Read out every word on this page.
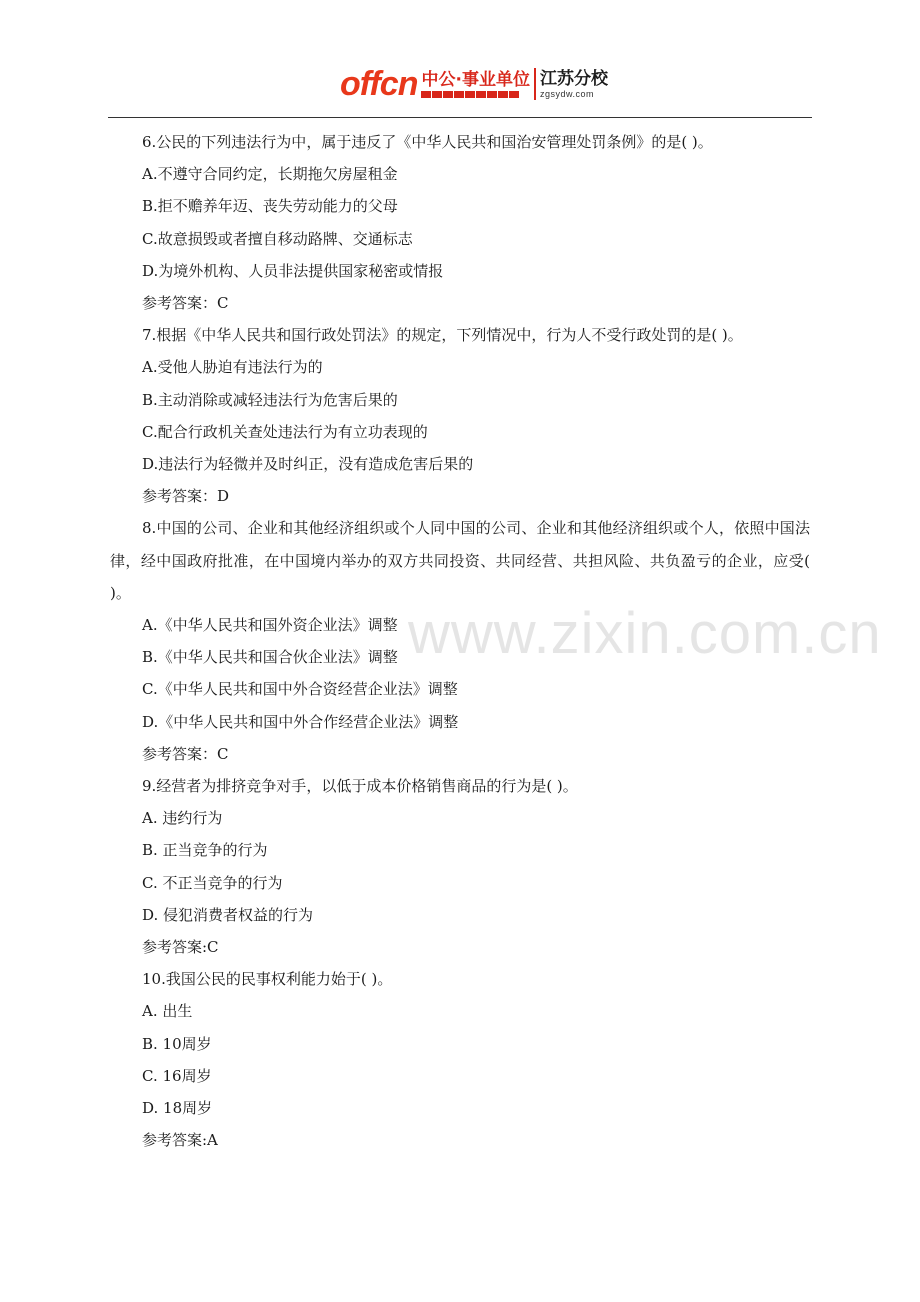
offcn 中公·事业单位 江苏分校
zgsydw.com
www.zixin.com.cn
6.公民的下列违法行为中，属于违反了《中华人民共和国治安管理处罚条例》的是( )。
A.不遵守合同约定，长期拖欠房屋租金
B.拒不赡养年迈、丧失劳动能力的父母
C.故意损毁或者擅自移动路牌、交通标志
D.为境外机构、人员非法提供国家秘密或情报
参考答案：C
7.根据《中华人民共和国行政处罚法》的规定，下列情况中，行为人不受行政处罚的是( )。
A.受他人胁迫有违法行为的
B.主动消除或减轻违法行为危害后果的
C.配合行政机关查处违法行为有立功表现的
D.违法行为轻微并及时纠正，没有造成危害后果的
参考答案：D
8.中国的公司、企业和其他经济组织或个人同中国的公司、企业和其他经济组织或个人，依照中国法律，经中国政府批准，在中国境内举办的双方共同投资、共同经营、共担风险、共负盈亏的企业，应受( )。
A.《中华人民共和国外资企业法》调整
B.《中华人民共和国合伙企业法》调整
C.《中华人民共和国中外合资经营企业法》调整
D.《中华人民共和国中外合作经营企业法》调整
参考答案：C
9.经营者为排挤竞争对手，以低于成本价格销售商品的行为是( )。
A. 违约行为
B. 正当竞争的行为
C. 不正当竞争的行为
D. 侵犯消费者权益的行为
参考答案:C
10.我国公民的民事权利能力始于( )。
A. 出生
B. 10周岁
C. 16周岁
D. 18周岁
参考答案:A
